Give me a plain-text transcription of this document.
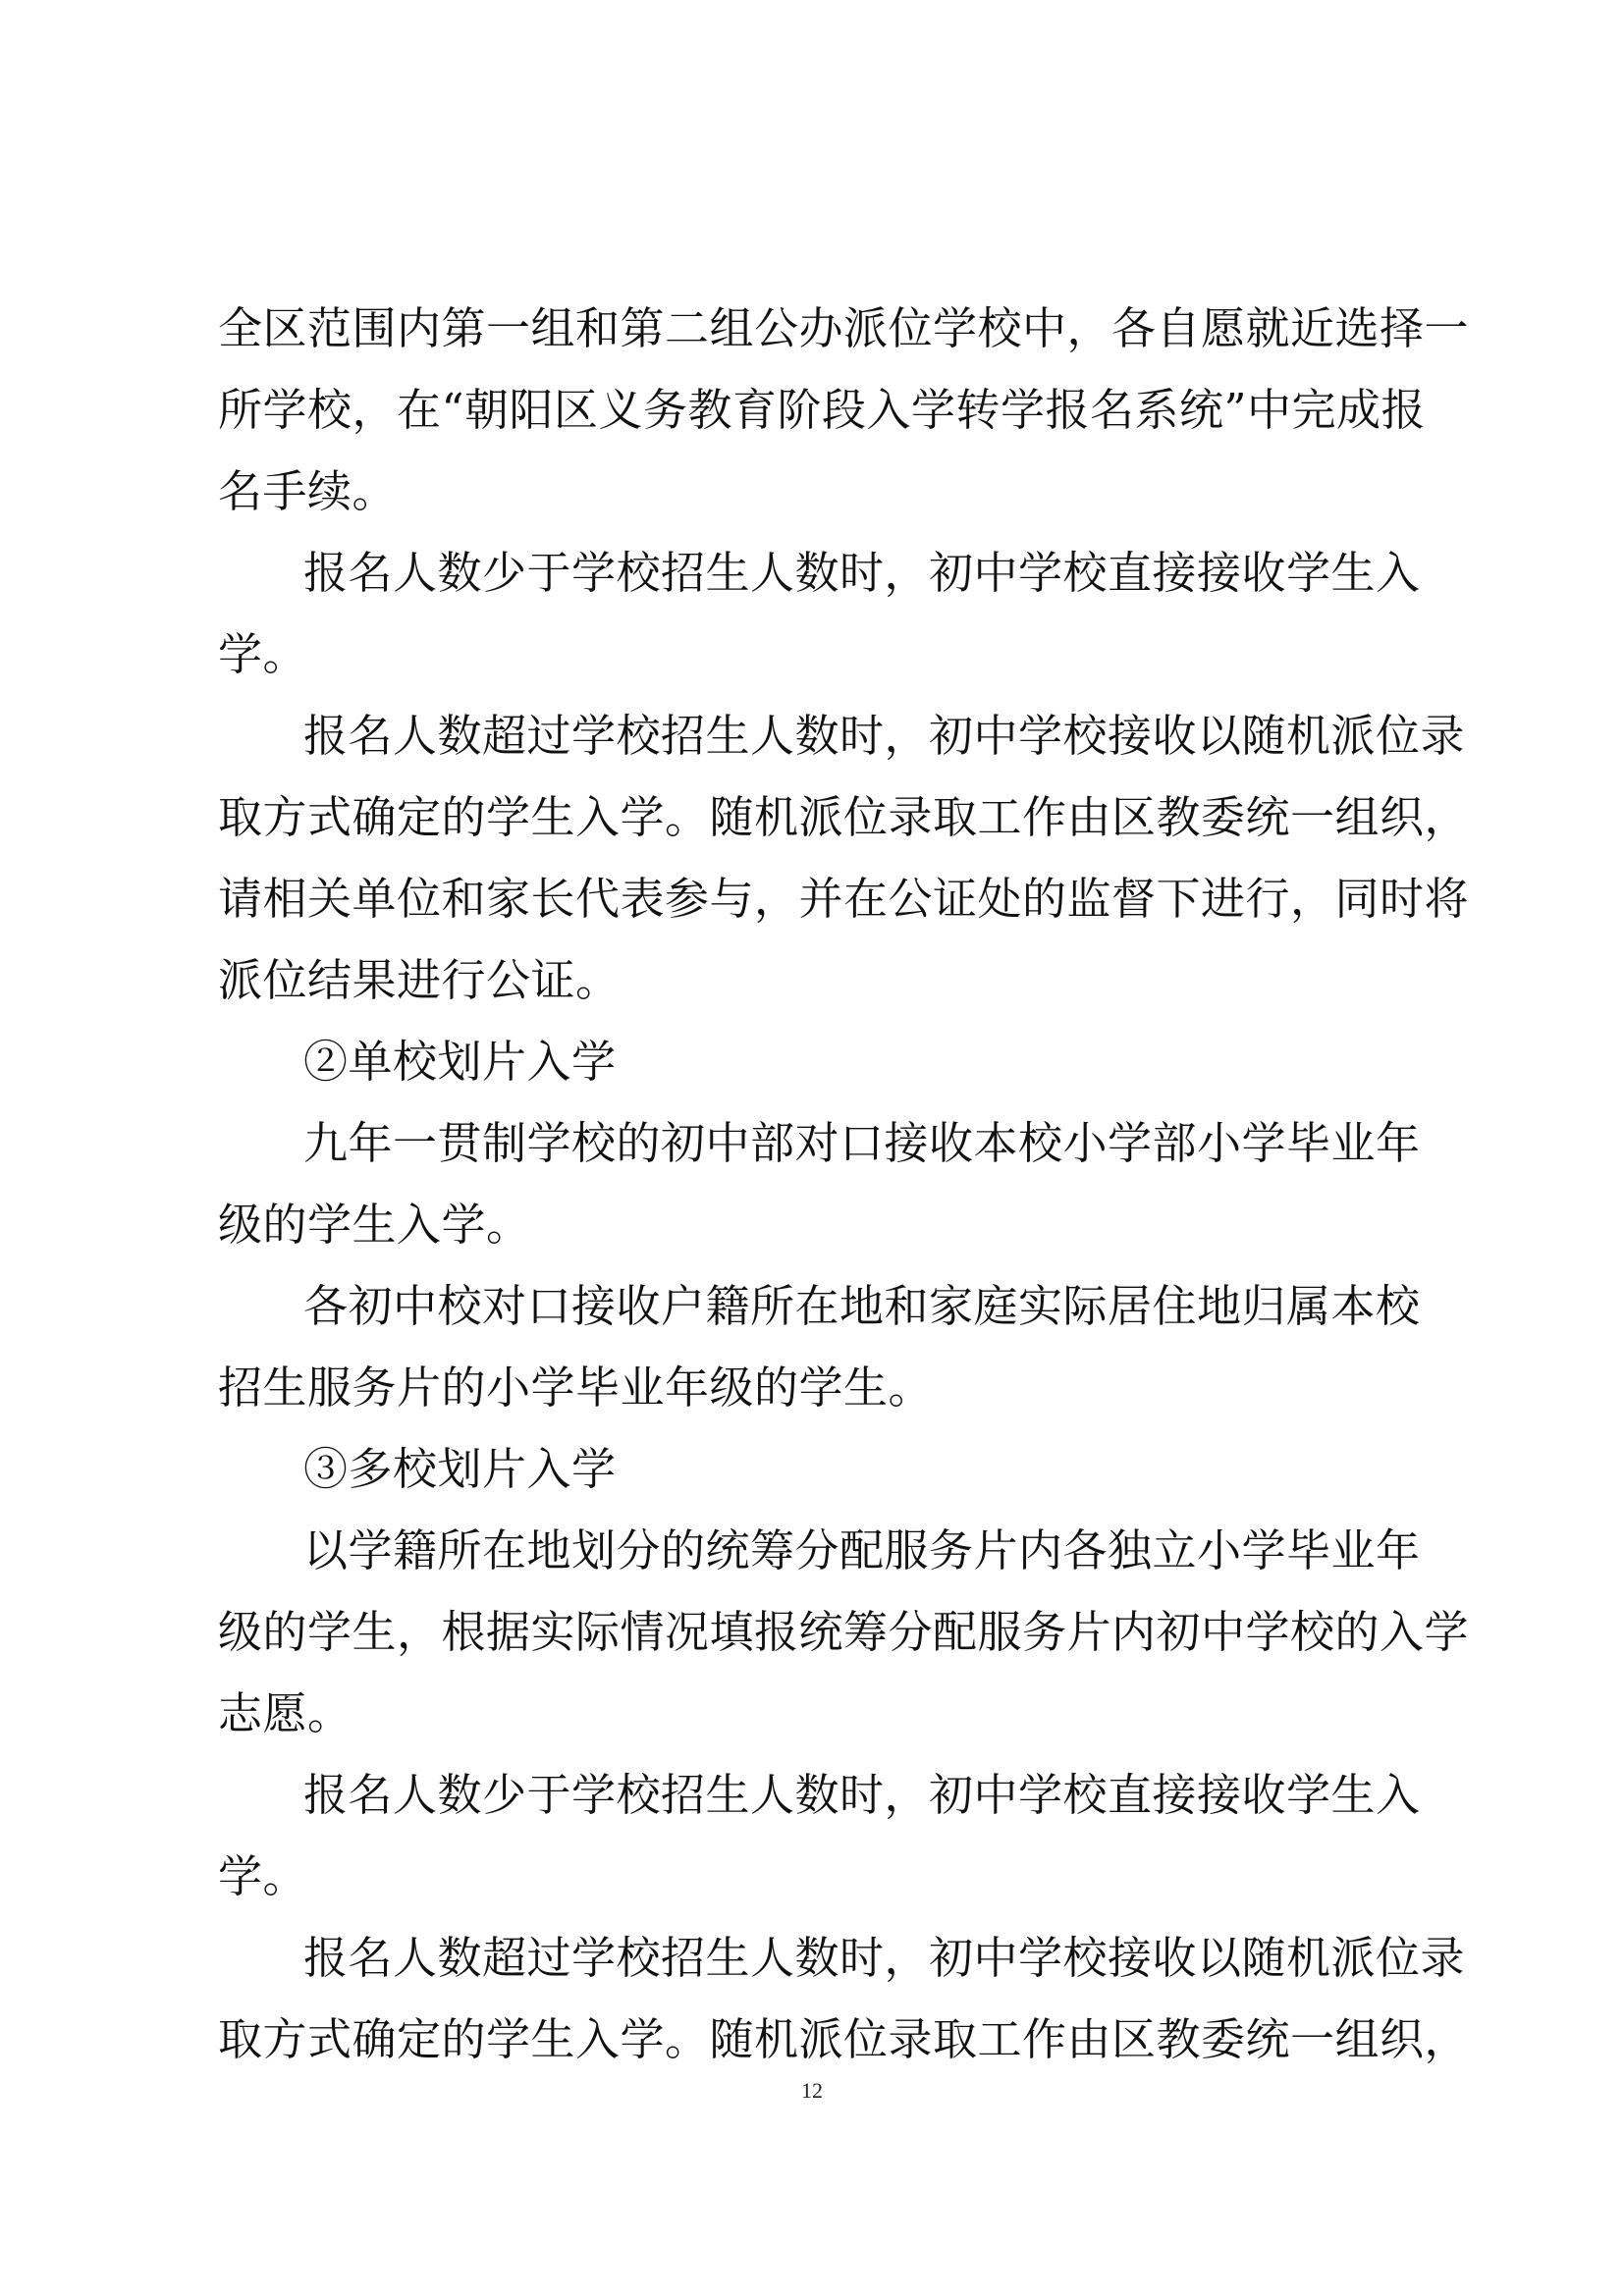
全区范围内第一组和第二组公办派位学校中，各自愿就近选择一
所学校，在“朝阳区义务教育阶段入学转学报名系统”中完成报
名手续。
报名人数少于学校招生人数时，初中学校直接接收学生入
学。
报名人数超过学校招生人数时，初中学校接收以随机派位录
取方式确定的学生入学。随机派位录取工作由区教委统一组织，
请相关单位和家长代表参与，并在公证处的监督下进行，同时将
派位结果进行公证。
②单校划片入学
九年一贯制学校的初中部对口接收本校小学部小学毕业年
级的学生入学。
各初中校对口接收户籍所在地和家庭实际居住地归属本校
招生服务片的小学毕业年级的学生。
③多校划片入学
以学籍所在地划分的统筹分配服务片内各独立小学毕业年
级的学生，根据实际情况填报统筹分配服务片内初中学校的入学
志愿。
报名人数少于学校招生人数时，初中学校直接接收学生入
学。
报名人数超过学校招生人数时，初中学校接收以随机派位录
取方式确定的学生入学。随机派位录取工作由区教委统一组织，
12
